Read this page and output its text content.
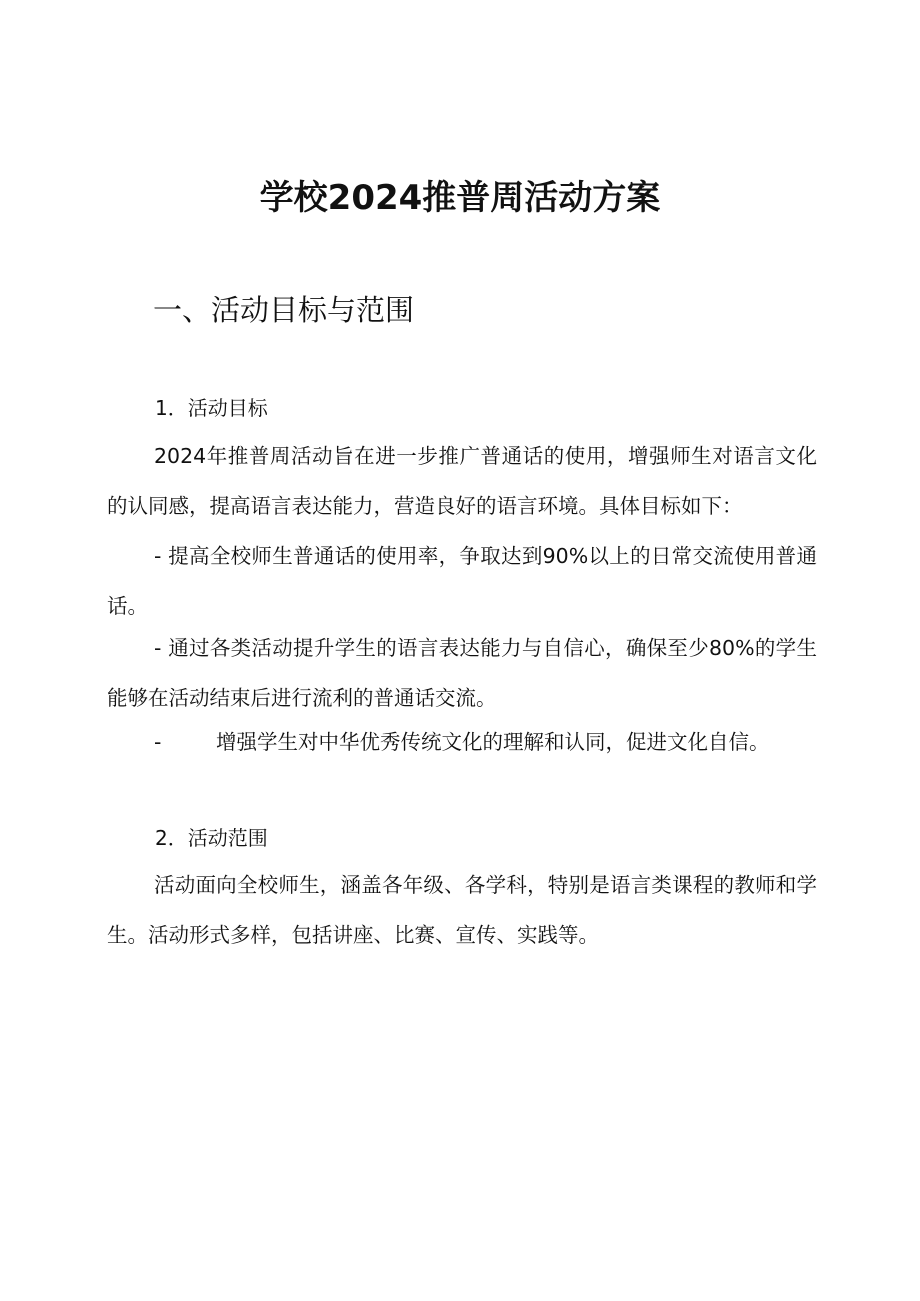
学校2024推普周活动方案
一、活动目标与范围
1．活动目标

2024年推普周活动旨在进一步推广普通话的使用，增强师生对语言文化的认同感，提高语言表达能力，营造良好的语言环境。具体目标如下：

- 提高全校师生普通话的使用率，争取达到90%以上的日常交流使用普通话。

- 通过各类活动提升学生的语言表达能力与自信心，确保至少80%的学生能够在活动结束后进行流利的普通话交流。

-	增强学生对中华优秀传统文化的理解和认同，促进文化自信。

2．活动范围

活动面向全校师生，涵盖各年级、各学科，特别是语言类课程的教师和学生。活动形式多样，包括讲座、比赛、宣传、实践等。
